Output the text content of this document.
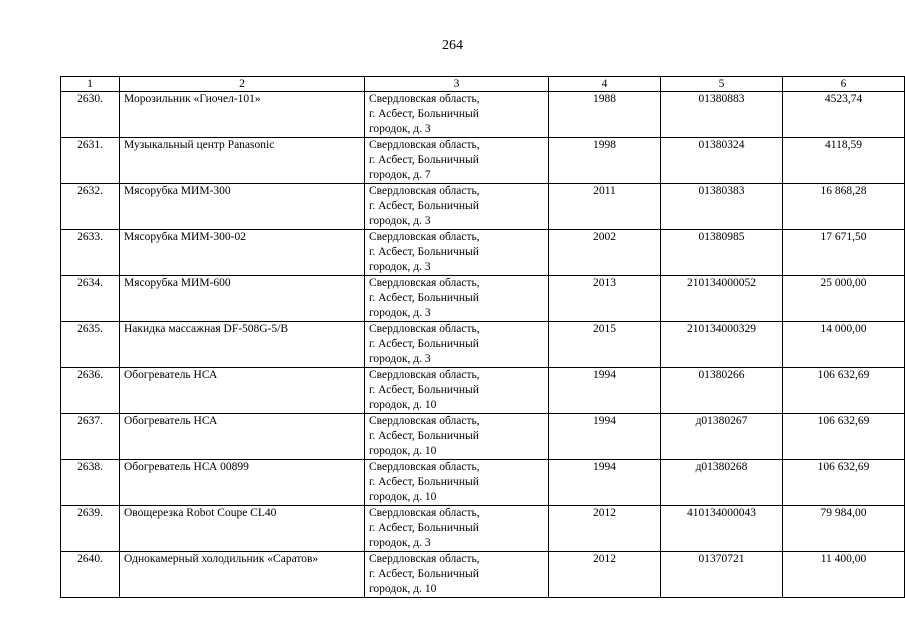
264
1	2	3	4	5	6
2630.	Морозильник «Гиочел-101»	Свердловская область,
г. Асбест, Больничный
городок, д. 3	1988	01380883	4523,74
2631.	Музыкальный центр Panasonic	Свердловская область,
г. Асбест, Больничный
городок, д. 7	1998	01380324	4118,59
2632.	Мясорубка МИМ-300	Свердловская область,
г. Асбест, Больничный
городок, д. 3	2011	01380383	16 868,28
2633.	Мясорубка МИМ-300-02	Свердловская область,
г. Асбест, Больничный
городок, д. 3	2002	01380985	17 671,50
2634.	Мясорубка МИМ-600	Свердловская область,
г. Асбест, Больничный
городок, д. 3	2013	210134000052	25 000,00
2635.	Накидка массажная DF-508G-5/B	Свердловская область,
г. Асбест, Больничный
городок, д. 3	2015	210134000329	14 000,00
2636.	Обогреватель НСА	Свердловская область,
г. Асбест, Больничный
городок, д. 10	1994	01380266	106 632,69
2637.	Обогреватель НСА	Свердловская область,
г. Асбест, Больничный
городок, д. 10	1994	д01380267	106 632,69
2638.	Обогреватель НСА 00899	Свердловская область,
г. Асбест, Больничный
городок, д. 10	1994	д01380268	106 632,69
2639.	Овощерезка Robot Coupe CL40	Свердловская область,
г. Асбест, Больничный
городок, д. 3	2012	410134000043	79 984,00
2640.	Однокамерный холодильник «Саратов»	Свердловская область,
г. Асбест, Больничный
городок, д. 10	2012	01370721	11 400,00
